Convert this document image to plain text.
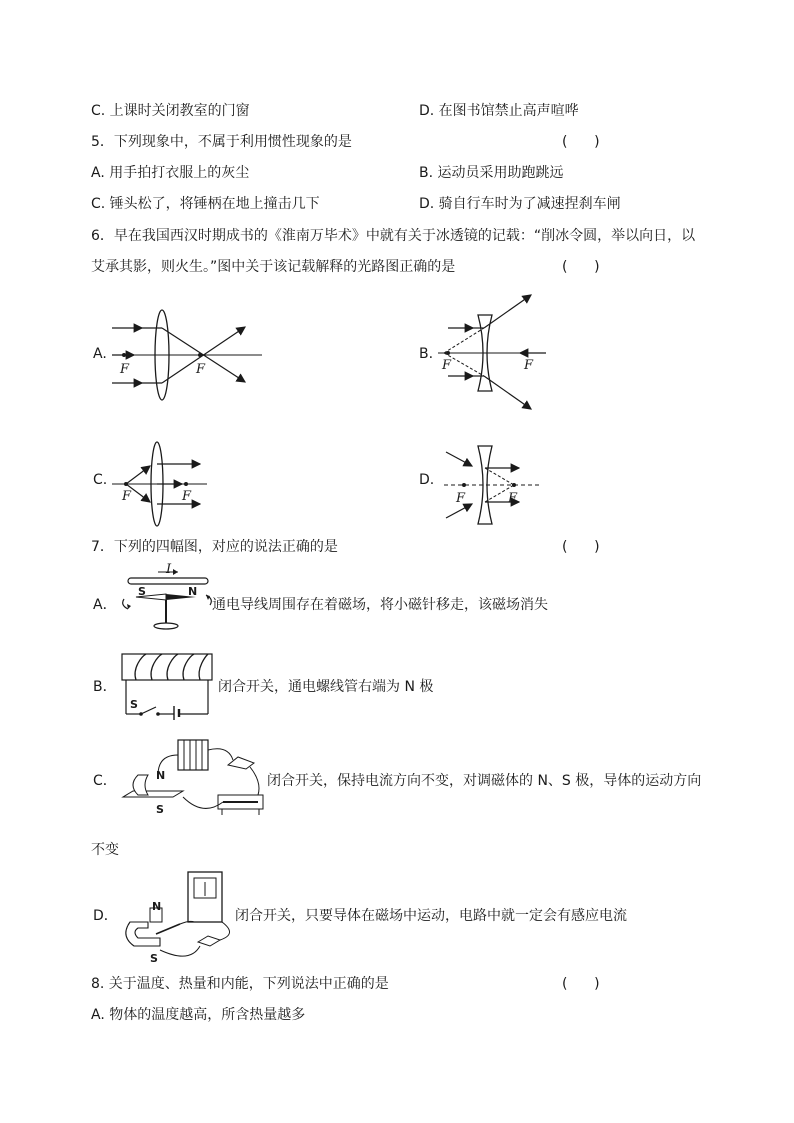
C. 上课时关闭教室的门窗	D. 在图书馆禁止高声喧哗
5．下列现象中，不属于利用惯性现象的是	(      )
A. 用手拍打衣服上的灰尘	B. 运动员采用助跑跳远
C. 锤头松了，将锤柄在地上撞击几下	D. 骑自行车时为了减速捏刹车闸
6．早在我国西汉时期成书的《淮南万毕术》中就有关于冰透镜的记载：“削冰令圆，举以向日，以
艾承其影，则火生。”图中关于该记载解释的光路图正确的是	(      )
A.	B.
C.	D.
F	F	F	F
F	F	F	F
7．下列的四幅图，对应的说法正确的是	(      )
A．
I
S	N
通电导线周围存在着磁场，将小磁针移走，该磁场消失
B．
S
闭合开关，通电螺线管右端为 N 极
C．	N
S
闭合开关，保持电流方向不变，对调磁体的 N、S 极，导体的运动方向
不变
D．
N
S
闭合开关，只要导体在磁场中运动，电路中就一定会有感应电流
8. 关于温度、热量和内能，下列说法中正确的是	(      )
A. 物体的温度越高，所含热量越多
